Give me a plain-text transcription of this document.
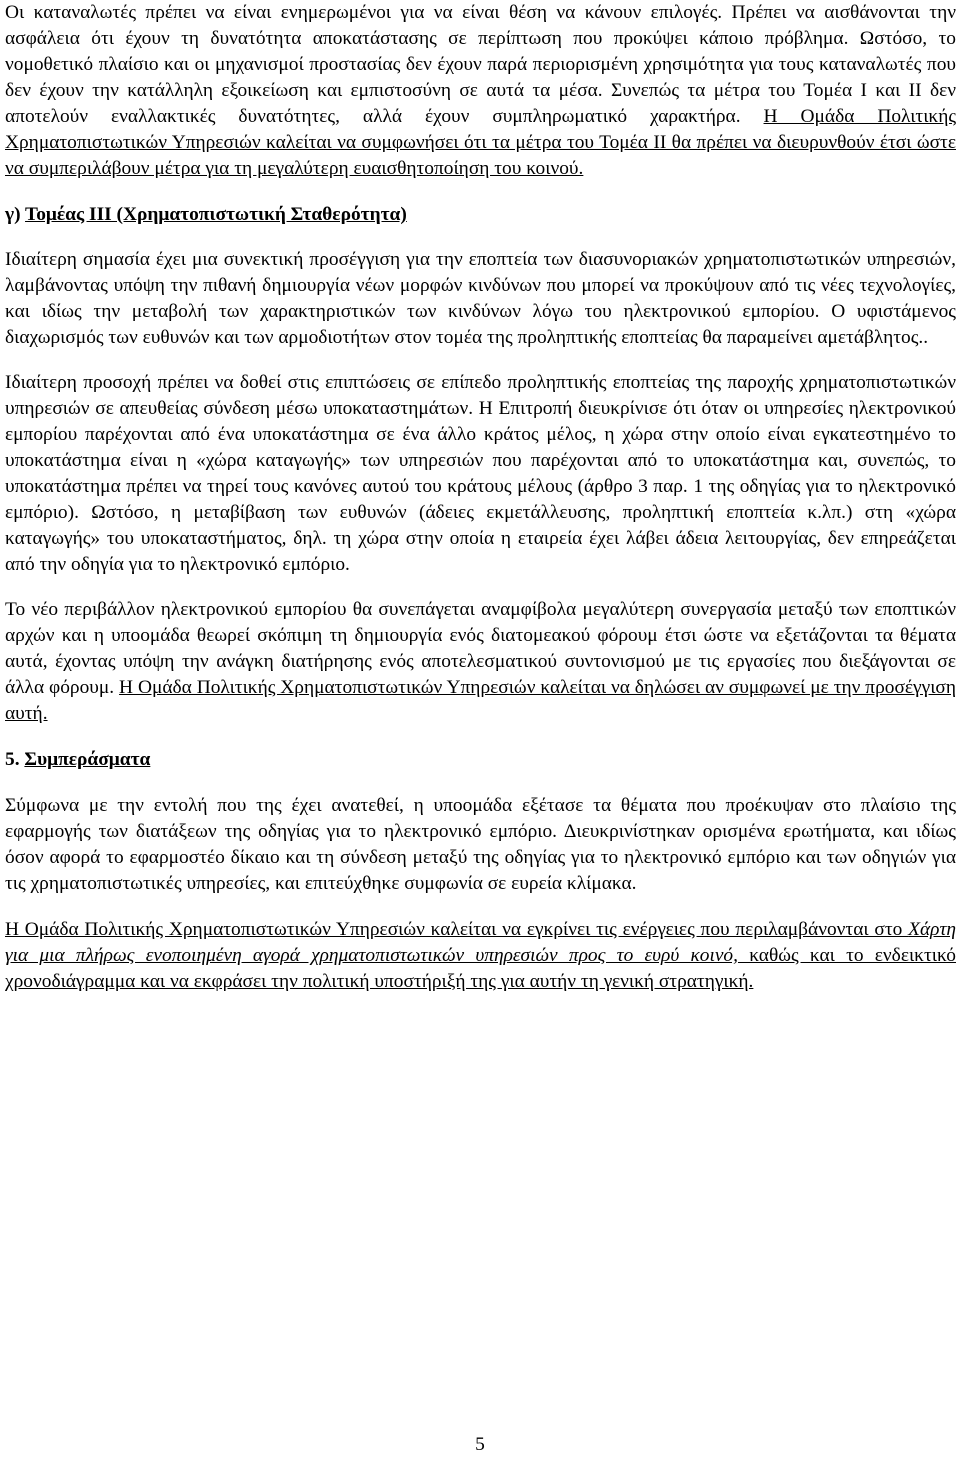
Οι καταναλωτές πρέπει να είναι ενημερωμένοι για να είναι θέση να κάνουν επιλογές. Πρέπει να αισθάνονται την ασφάλεια ότι έχουν τη δυνατότητα αποκατάστασης σε περίπτωση που προκύψει κάποιο πρόβλημα. Ωστόσο, το νομοθετικό πλαίσιο και οι μηχανισμοί προστασίας δεν έχουν παρά περιορισμένη χρησιμότητα για τους καταναλωτές που δεν έχουν την κατάλληλη εξοικείωση και εμπιστοσύνη σε αυτά τα μέσα. Συνεπώς τα μέτρα του Τομέα Ι και ΙΙ δεν αποτελούν εναλλακτικές δυνατότητες, αλλά έχουν συμπληρωματικό χαρακτήρα. Η Ομάδα Πολιτικής Χρηματοπιστωτικών Υπηρεσιών καλείται να συμφωνήσει ότι τα μέτρα του Τομέα ΙΙ θα πρέπει να διευρυνθούν έτσι ώστε να συμπεριλάβουν μέτρα για τη μεγαλύτερη ευαισθητοποίηση του κοινού.

γ) Τομέας ΙΙΙ (Χρηματοπιστωτική Σταθερότητα)

Ιδιαίτερη σημασία έχει μια συνεκτική προσέγγιση για την εποπτεία των διασυνοριακών χρηματοπιστωτικών υπηρεσιών, λαμβάνοντας υπόψη την πιθανή δημιουργία νέων μορφών κινδύνων που μπορεί να προκύψουν από τις νέες τεχνολογίες, και ιδίως την μεταβολή των χαρακτηριστικών των κινδύνων λόγω του ηλεκτρονικού εμπορίου. Ο υφιστάμενος διαχωρισμός των ευθυνών και των αρμοδιοτήτων στον τομέα της προληπτικής εποπτείας θα παραμείνει αμετάβλητος..

Ιδιαίτερη προσοχή πρέπει να δοθεί στις επιπτώσεις σε επίπεδο προληπτικής εποπτείας της παροχής χρηματοπιστωτικών υπηρεσιών σε απευθείας σύνδεση μέσω υποκαταστημάτων. Η Επιτροπή διευκρίνισε ότι όταν οι υπηρεσίες ηλεκτρονικού εμπορίου παρέχονται από ένα υποκατάστημα σε ένα άλλο κράτος μέλος, η χώρα στην οποίο είναι εγκατεστημένο το υποκατάστημα είναι η «χώρα καταγωγής» των υπηρεσιών που παρέχονται από το υποκατάστημα και, συνεπώς, το υποκατάστημα πρέπει να τηρεί τους κανόνες αυτού του κράτους μέλους (άρθρο 3 παρ. 1 της οδηγίας για το ηλεκτρονικό εμπόριο). Ωστόσο, η μεταβίβαση των ευθυνών (άδειες εκμετάλλευσης, προληπτική εποπτεία κ.λπ.) στη «χώρα καταγωγής» του υποκαταστήματος, δηλ. τη χώρα στην οποία η εταιρεία έχει λάβει άδεια λειτουργίας, δεν επηρεάζεται από την οδηγία για το ηλεκτρονικό εμπόριο.

Το νέο περιβάλλον ηλεκτρονικού εμπορίου θα συνεπάγεται αναμφίβολα μεγαλύτερη συνεργασία μεταξύ των εποπτικών αρχών και η υποομάδα θεωρεί σκόπιμη τη δημιουργία ενός διατομεακού φόρουμ έτσι ώστε να εξετάζονται τα θέματα αυτά, έχοντας υπόψη την ανάγκη διατήρησης ενός αποτελεσματικού συντονισμού με τις εργασίες που διεξάγονται σε άλλα φόρουμ. Η Ομάδα Πολιτικής Χρηματοπιστωτικών Υπηρεσιών καλείται να δηλώσει αν συμφωνεί με την προσέγγιση αυτή.

5. Συμπεράσματα

Σύμφωνα με την εντολή που της έχει ανατεθεί, η υποομάδα εξέτασε τα θέματα που προέκυψαν στο πλαίσιο της εφαρμογής των διατάξεων της οδηγίας για το ηλεκτρονικό εμπόριο. Διευκρινίστηκαν ορισμένα ερωτήματα, και ιδίως όσον αφορά το εφαρμοστέο δίκαιο και τη σύνδεση μεταξύ της οδηγίας για το ηλεκτρονικό εμπόριο και των οδηγιών για τις χρηματοπιστωτικές υπηρεσίες, και επιτεύχθηκε συμφωνία σε ευρεία κλίμακα.

Η Ομάδα Πολιτικής Χρηματοπιστωτικών Υπηρεσιών καλείται να εγκρίνει τις ενέργειες που περιλαμβάνονται στο Χάρτη για μια πλήρως ενοποιημένη αγορά χρηματοπιστωτικών υπηρεσιών προς το ευρύ κοινό, καθώς και το ενδεικτικό χρονοδιάγραμμα και να εκφράσει την πολιτική υποστήριξή της για αυτήν τη γενική στρατηγική.

5
